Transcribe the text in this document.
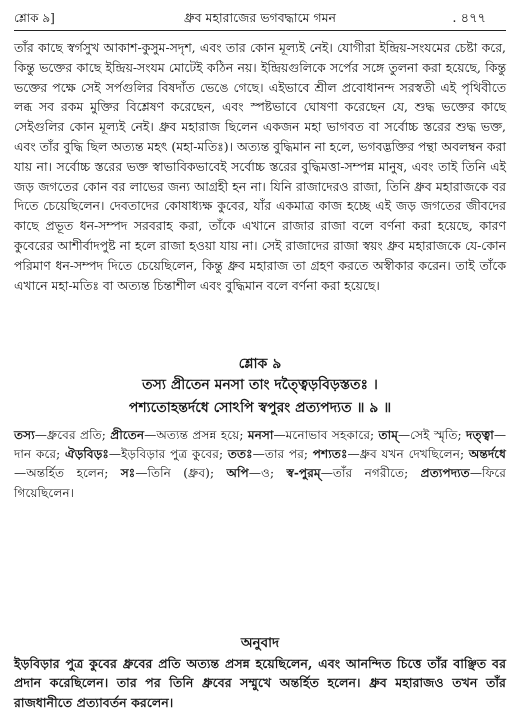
শ্লোক ৯]	ধ্রুব মহারাজের ভগবদ্ধামে গমন	. ৪৭৭

তাঁর কাছে স্বর্গসুখ আকাশ-কুসুম-সদৃশ, এবং তার কোন মূল্যই নেই। যোগীরা ইন্দ্রিয়-সংযমের চেষ্টা করে, কিন্তু ভক্তের কাছে ইন্দ্রিয়-সংযম মোটেই কঠিন নয়। ইন্দ্রিয়গুলিকে সর্পের সঙ্গে তুলনা করা হয়েছে, কিন্তু ভক্তের পক্ষে সেই সর্পগুলির বিষদাঁত ভেঙে গেছে। এইভাবে শ্রীল প্রবোধানন্দ সরস্বতী এই পৃথিবীতে লব্ধ সব রকম মুক্তির বিশ্লেষণ করেছেন, এবং স্পষ্টভাবে ঘোষণা করেছেন যে, শুদ্ধ ভক্তের কাছে সেইগুলির কোন মূল্যই নেই। ধ্রুব মহারাজ ছিলেন একজন মহা ভাগবত বা সর্বোচ্চ স্তরের শুদ্ধ ভক্ত, এবং তাঁর বুদ্ধি ছিল অত্যন্ত মহৎ (মহা-মতিঃ)। অত্যন্ত বুদ্ধিমান না হলে, ভগবদ্ভক্তির পন্থা অবলম্বন করা যায় না। সর্বোচ্চ স্তরের ভক্ত স্বাভাবিকভাবেই সর্বোচ্চ স্তরের বুদ্ধিমত্তা-সম্পন্ন মানুষ, এবং তাই তিনি এই জড় জগতের কোন বর লাভের জন্য আগ্রহী হন না। যিনি রাজাদেরও রাজা, তিনি ধ্রুব মহারাজকে বর দিতে চেয়েছিলেন। দেবতাদের কোষাধ্যক্ষ কুবের, যাঁর একমাত্র কাজ হচ্ছে এই জড় জগতের জীবদের কাছে প্রভূত ধন-সম্পদ সরবরাহ করা, তাঁকে এখানে রাজার রাজা বলে বর্ণনা করা হয়েছে, কারণ কুবেরের আশীর্বাদপুষ্ট না হলে রাজা হওয়া যায় না। সেই রাজাদের রাজা স্বয়ং ধ্রুব মহারাজকে যে-কোন পরিমাণ ধন-সম্পদ দিতে চেয়েছিলেন, কিন্তু ধ্রুব মহারাজ তা গ্রহণ করতে অস্বীকার করেন। তাই তাঁকে এখানে মহা-মতিঃ বা অত্যন্ত চিন্তাশীল এবং বুদ্ধিমান বলে বর্ণনা করা হয়েছে।

শ্লোক ৯
তস্য প্রীতেন মনসা তাং দত্ত্বৈড়বিড়স্ততঃ ।
পশ্যতোহন্তর্দধে সোঽপি স্বপুরং প্রত্যপদ্যত ॥ ৯ ॥
তস্য—ধ্রুবের প্রতি; প্রীতেন—অত্যন্ত প্রসন্ন হয়ে; মনসা—মনোভাব সহকারে; তাম্—সেই স্মৃতি; দত্ত্বা—দান করে; ঐড়বিড়ঃ—ইড়বিড়ার পুত্র কুবের; ততঃ—তার পর; পশ্যতঃ—ধ্রুব যখন দেখছিলেন; অন্তর্দধে—অন্তর্হিত হলেন; সঃ—তিনি (ধ্রুব); অপি—ও; স্ব-পুরম্—তাঁর নগরীতে; প্রত্যপদ্যত—ফিরে গিয়েছিলেন।
অনুবাদ
ইড়বিড়ার পুত্র কুবের ধ্রুবের প্রতি অত্যন্ত প্রসন্ন হয়েছিলেন, এবং আনন্দিত চিত্তে তাঁর বাঞ্ছিত বর প্রদান করেছিলেন। তার পর তিনি ধ্রুবের সম্মুখে অন্তর্হিত হলেন। ধ্রুব মহারাজও তখন তাঁর রাজধানীতে প্রত্যাবর্তন করলেন।
